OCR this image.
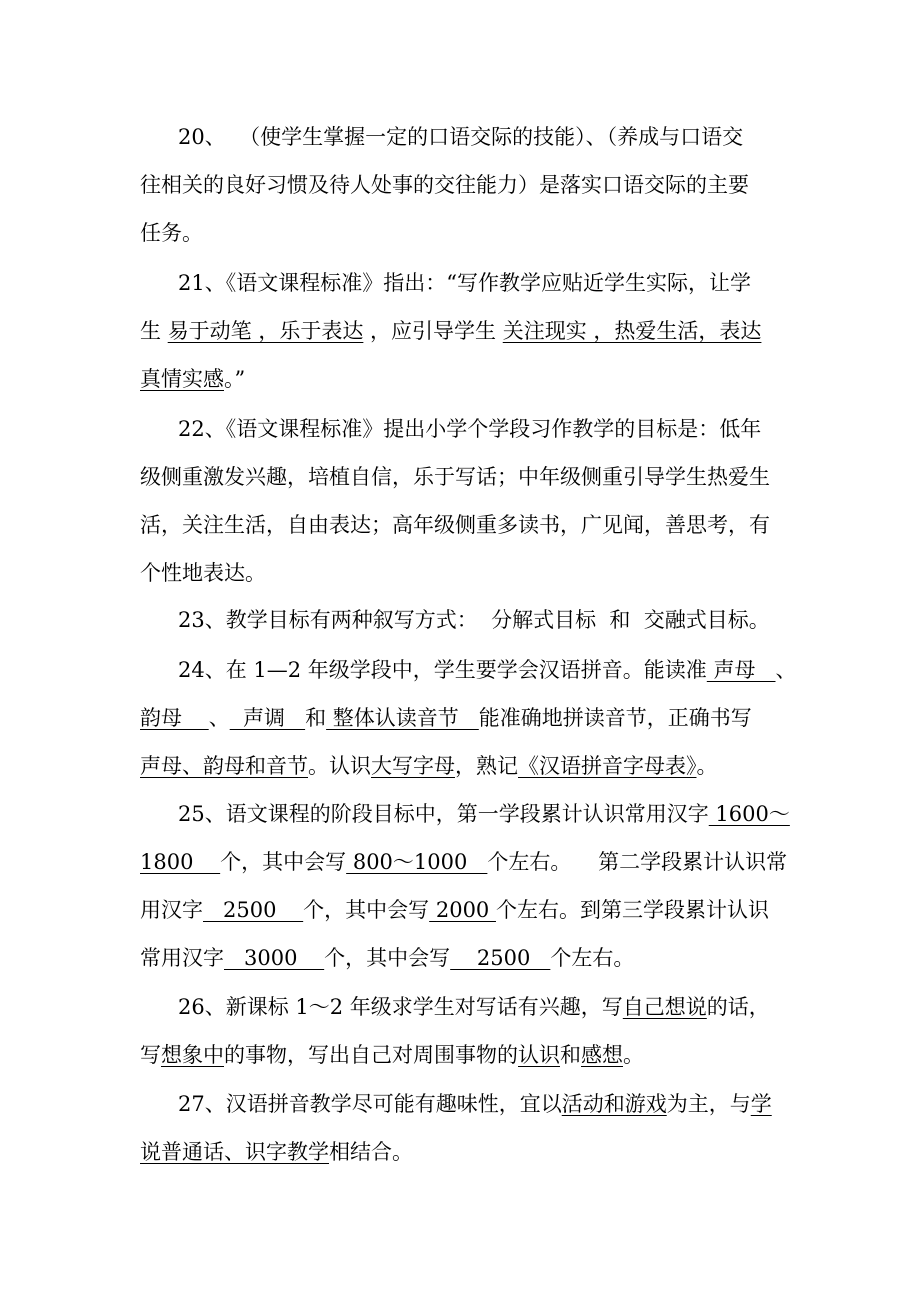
20、  （使学生掌握一定的口语交际的技能）、（养成与口语交
往相关的良好习惯及待人处事的交往能力）是落实口语交际的主要
任务。
21、《语文课程标准》指出：“写作教学应贴近学生实际，让学
生 易于动笔 ，乐于表达 ，应引导学生 关注现实 ，热爱生活，表达
真情实感。”
22、《语文课程标准》提出小学个学段习作教学的目标是：低年
级侧重激发兴趣，培植自信，乐于写话；中年级侧重引导学生热爱生
活，关注生活，自由表达；高年级侧重多读书，广见闻，善思考，有
个性地表达。
23、教学目标有两种叙写方式：  分解式目标  和  交融式目标。
24、在 1—2 年级学段中，学生要学会汉语拼音。能读准 声母   、
韵母    、  声调   和 整体认读音节   能准确地拼读音节，正确书写
声母、韵母和音节。认识大写字母，熟记《汉语拼音字母表》。
25、语文课程的阶段目标中，第一学段累计认识常用汉字 1600～
1800    个，其中会写 800～1000   个左右。    第二学段累计认识常
用汉字   2500    个，其中会写 2000 个左右。到第三学段累计认识
常用汉字   3000    个，其中会写    2500   个左右。
26、新课标 1～2 年级求学生对写话有兴趣，写自己想说的话，
写想象中的事物，写出自己对周围事物的认识和感想。
27、汉语拼音教学尽可能有趣味性，宜以活动和游戏为主，与学
说普通话、识字教学相结合。
